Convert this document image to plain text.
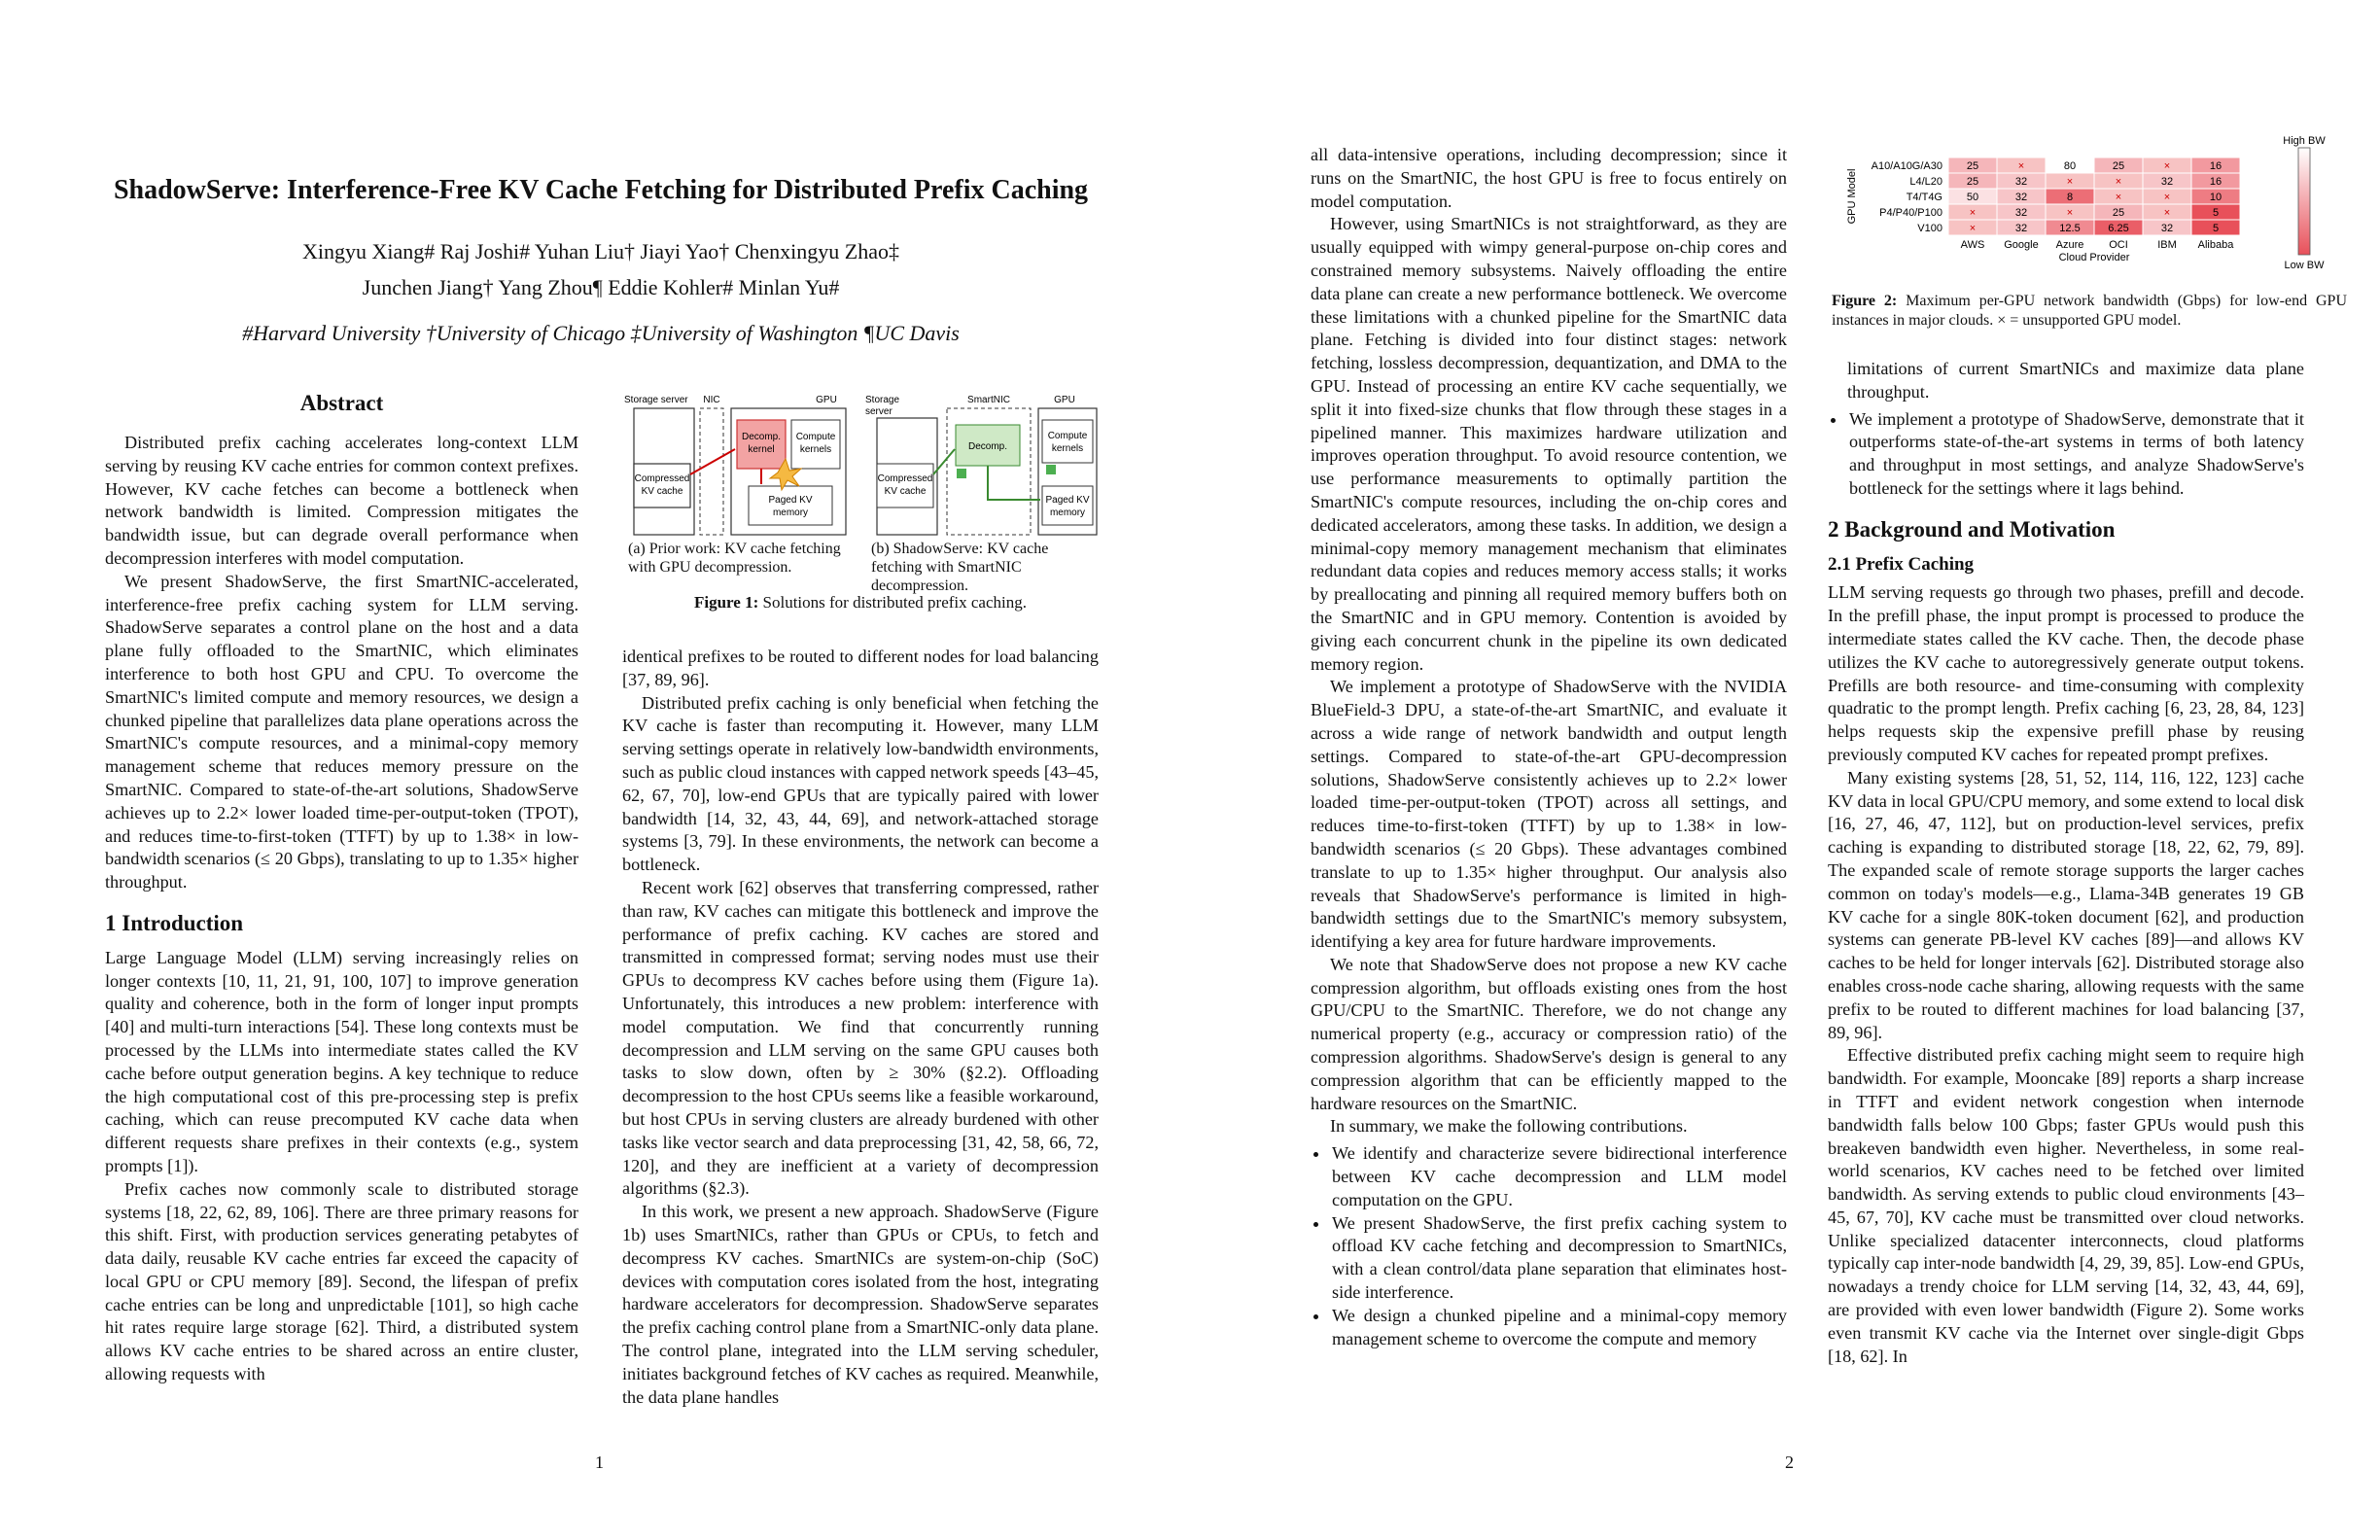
ShadowServe: Interference-Free KV Cache Fetching for Distributed Prefix Caching
Xingyu Xiang# Raj Joshi# Yuhan Liu† Jiayi Yao† Chenxingyu Zhao‡
Junchen Jiang† Yang Zhou¶ Eddie Kohler# Minlan Yu#
#Harvard University †University of Chicago ‡University of Washington ¶UC Davis
Abstract

Distributed prefix caching accelerates long-context LLM serving by reusing KV cache entries for common context prefixes. However, KV cache fetches can become a bottleneck when network bandwidth is limited. Compression mitigates the bandwidth issue, but can degrade overall performance when decompression interferes with model computation.

We present ShadowServe, the first SmartNIC-accelerated, interference-free prefix caching system for LLM serving. ShadowServe separates a control plane on the host and a data plane fully offloaded to the SmartNIC, which eliminates interference to both host GPU and CPU. To overcome the SmartNIC's limited compute and memory resources, we design a chunked pipeline that parallelizes data plane operations across the SmartNIC's compute resources, and a minimal-copy memory management scheme that reduces memory pressure on the SmartNIC. Compared to state-of-the-art solutions, ShadowServe achieves up to 2.2× lower loaded time-per-output-token (TPOT), and reduces time-to-first-token (TTFT) by up to 1.38× in low-bandwidth scenarios (≤ 20 Gbps), translating to up to 1.35× higher throughput.

1 Introduction

Large Language Model (LLM) serving increasingly relies on longer contexts [10, 11, 21, 91, 100, 107] to improve generation quality and coherence, both in the form of longer input prompts [40] and multi-turn interactions [54]. These long contexts must be processed by the LLMs into intermediate states called the KV cache before output generation begins. A key technique to reduce the high computational cost of this pre-processing step is prefix caching, which can reuse precomputed KV cache data when different requests share prefixes in their contexts (e.g., system prompts [1]).

Prefix caches now commonly scale to distributed storage systems [18, 22, 62, 89, 106]. There are three primary reasons for this shift. First, with production services generating petabytes of data daily, reusable KV cache entries far exceed the capacity of local GPU or CPU memory [89]. Second, the lifespan of prefix cache entries can be long and unpredictable [101], so high cache hit rates require large storage [62]. Third, a distributed system allows KV cache entries to be shared across an entire cluster, allowing requests with

Storage server
Compressed
KV cache
NIC	GPU
Decomp.
kernel
Compute
kernels
Paged KV
memory
Storage
server
Compressed
KV cache
SmartNIC
Decomp.
GPU
Compute
kernels
Paged KV
memory
(a) Prior work: KV cache fetching with GPU decompression.
(b) ShadowServe: KV cache fetching with SmartNIC decompression.
Figure 1: Solutions for distributed prefix caching.

identical prefixes to be routed to different nodes for load balancing [37, 89, 96].

Distributed prefix caching is only beneficial when fetching the KV cache is faster than recomputing it. However, many LLM serving settings operate in relatively low-bandwidth environments, such as public cloud instances with capped network speeds [43–45, 62, 67, 70], low-end GPUs that are typically paired with lower bandwidth [14, 32, 43, 44, 69], and network-attached storage systems [3, 79]. In these environments, the network can become a bottleneck.

Recent work [62] observes that transferring compressed, rather than raw, KV caches can mitigate this bottleneck and improve the performance of prefix caching. KV caches are stored and transmitted in compressed format; serving nodes must use their GPUs to decompress KV caches before using them (Figure 1a). Unfortunately, this introduces a new problem: interference with model computation. We find that concurrently running decompression and LLM serving on the same GPU causes both tasks to slow down, often by ≥ 30% (§2.2). Offloading decompression to the host CPUs seems like a feasible workaround, but host CPUs in serving clusters are already burdened with other tasks like vector search and data preprocessing [31, 42, 58, 66, 72, 120], and they are inefficient at a variety of decompression algorithms (§2.3).

In this work, we present a new approach. ShadowServe (Figure 1b) uses SmartNICs, rather than GPUs or CPUs, to fetch and decompress KV caches. SmartNICs are system-on-chip (SoC) devices with computation cores isolated from the host, integrating hardware accelerators for decompression. ShadowServe separates the prefix caching control plane from a SmartNIC-only data plane. The control plane, integrated into the LLM serving scheduler, initiates background fetches of KV caches as required. Meanwhile, the data plane handles

1

all data-intensive operations, including decompression; since it runs on the SmartNIC, the host GPU is free to focus entirely on model computation.

However, using SmartNICs is not straightforward, as they are usually equipped with wimpy general-purpose on-chip cores and constrained memory subsystems. Naively offloading the entire data plane can create a new performance bottleneck. We overcome these limitations with a chunked pipeline for the SmartNIC data plane. Fetching is divided into four distinct stages: network fetching, lossless decompression, dequantization, and DMA to the GPU. Instead of processing an entire KV cache sequentially, we split it into fixed-size chunks that flow through these stages in a pipelined manner. This maximizes hardware utilization and improves operation throughput. To avoid resource contention, we use performance measurements to optimally partition the SmartNIC's compute resources, including the on-chip cores and dedicated accelerators, among these tasks. In addition, we design a minimal-copy memory management mechanism that eliminates redundant data copies and reduces memory access stalls; it works by preallocating and pinning all required memory buffers both on the SmartNIC and in GPU memory. Contention is avoided by giving each concurrent chunk in the pipeline its own dedicated memory region.

We implement a prototype of ShadowServe with the NVIDIA BlueField-3 DPU, a state-of-the-art SmartNIC, and evaluate it across a wide range of network bandwidth and output length settings. Compared to state-of-the-art GPU-decompression solutions, ShadowServe consistently achieves up to 2.2× lower loaded time-per-output-token (TPOT) across all settings, and reduces time-to-first-token (TTFT) by up to 1.38× in low-bandwidth scenarios (≤ 20 Gbps). These advantages combined translate to up to 1.35× higher throughput. Our analysis also reveals that ShadowServe's performance is limited in high-bandwidth settings due to the SmartNIC's memory subsystem, identifying a key area for future hardware improvements.

We note that ShadowServe does not propose a new KV cache compression algorithm, but offloads existing ones from the host GPU/CPU to the SmartNIC. Therefore, we do not change any numerical property (e.g., accuracy or compression ratio) of the compression algorithms. ShadowServe's design is general to any compression algorithm that can be efficiently mapped to the hardware resources on the SmartNIC.

In summary, we make the following contributions.

• We identify and characterize severe bidirectional interference between KV cache decompression and LLM model computation on the GPU.
• We present ShadowServe, the first prefix caching system to offload KV cache fetching and decompression to SmartNICs, with a clean control/data plane separation that eliminates host-side interference.
• We design a chunked pipeline and a minimal-copy memory management scheme to overcome the compute and memory
A10/A10G/A30 25	×	80	25	×	16
L4/L20 25	32	×	×	32	16
T4/T4G 50	32	8	×	×	10
P4/P40/P100	×	32	×	25	×	5
V100	×	32	12.5	6.25	32	5
AWS Google Azure OCI	IBM Alibaba
Cloud Provider
GPU Model
High BW
Low BW
Figure 2: Maximum per-GPU network bandwidth (Gbps) for low-end GPU instances in major clouds. × = unsupported GPU model.

limitations of current SmartNICs and maximize data plane throughput.

• We implement a prototype of ShadowServe, demonstrate that it outperforms state-of-the-art systems in terms of both latency and throughput in most settings, and analyze ShadowServe's bottleneck for the settings where it lags behind.
2 Background and Motivation
2.1 Prefix Caching

LLM serving requests go through two phases, prefill and decode. In the prefill phase, the input prompt is processed to produce the intermediate states called the KV cache. Then, the decode phase utilizes the KV cache to autoregressively generate output tokens. Prefills are both resource- and time-consuming with complexity quadratic to the prompt length. Prefix caching [6, 23, 28, 84, 123] helps requests skip the expensive prefill phase by reusing previously computed KV caches for repeated prompt prefixes.

Many existing systems [28, 51, 52, 114, 116, 122, 123] cache KV data in local GPU/CPU memory, and some extend to local disk [16, 27, 46, 47, 112], but on production-level services, prefix caching is expanding to distributed storage [18, 22, 62, 79, 89]. The expanded scale of remote storage supports the larger caches common on today's models—e.g., Llama-34B generates 19 GB KV cache for a single 80K-token document [62], and production systems can generate PB-level KV caches [89]—and allows KV caches to be held for longer intervals [62]. Distributed storage also enables cross-node cache sharing, allowing requests with the same prefix to be routed to different machines for load balancing [37, 89, 96].

Effective distributed prefix caching might seem to require high bandwidth. For example, Mooncake [89] reports a sharp increase in TTFT and evident network congestion when internode bandwidth falls below 100 Gbps; faster GPUs would push this breakeven bandwidth even higher. Nevertheless, in some real-world scenarios, KV caches need to be fetched over limited bandwidth. As serving extends to public cloud environments [43–45, 67, 70], KV cache must be transmitted over cloud networks. Unlike specialized datacenter interconnects, cloud platforms typically cap inter-node bandwidth [4, 29, 39, 85]. Low-end GPUs, nowadays a trendy choice for LLM serving [14, 32, 43, 44, 69], are provided with even lower bandwidth (Figure 2). Some works even transmit KV cache via the Internet over single-digit Gbps [18, 62]. In

2
